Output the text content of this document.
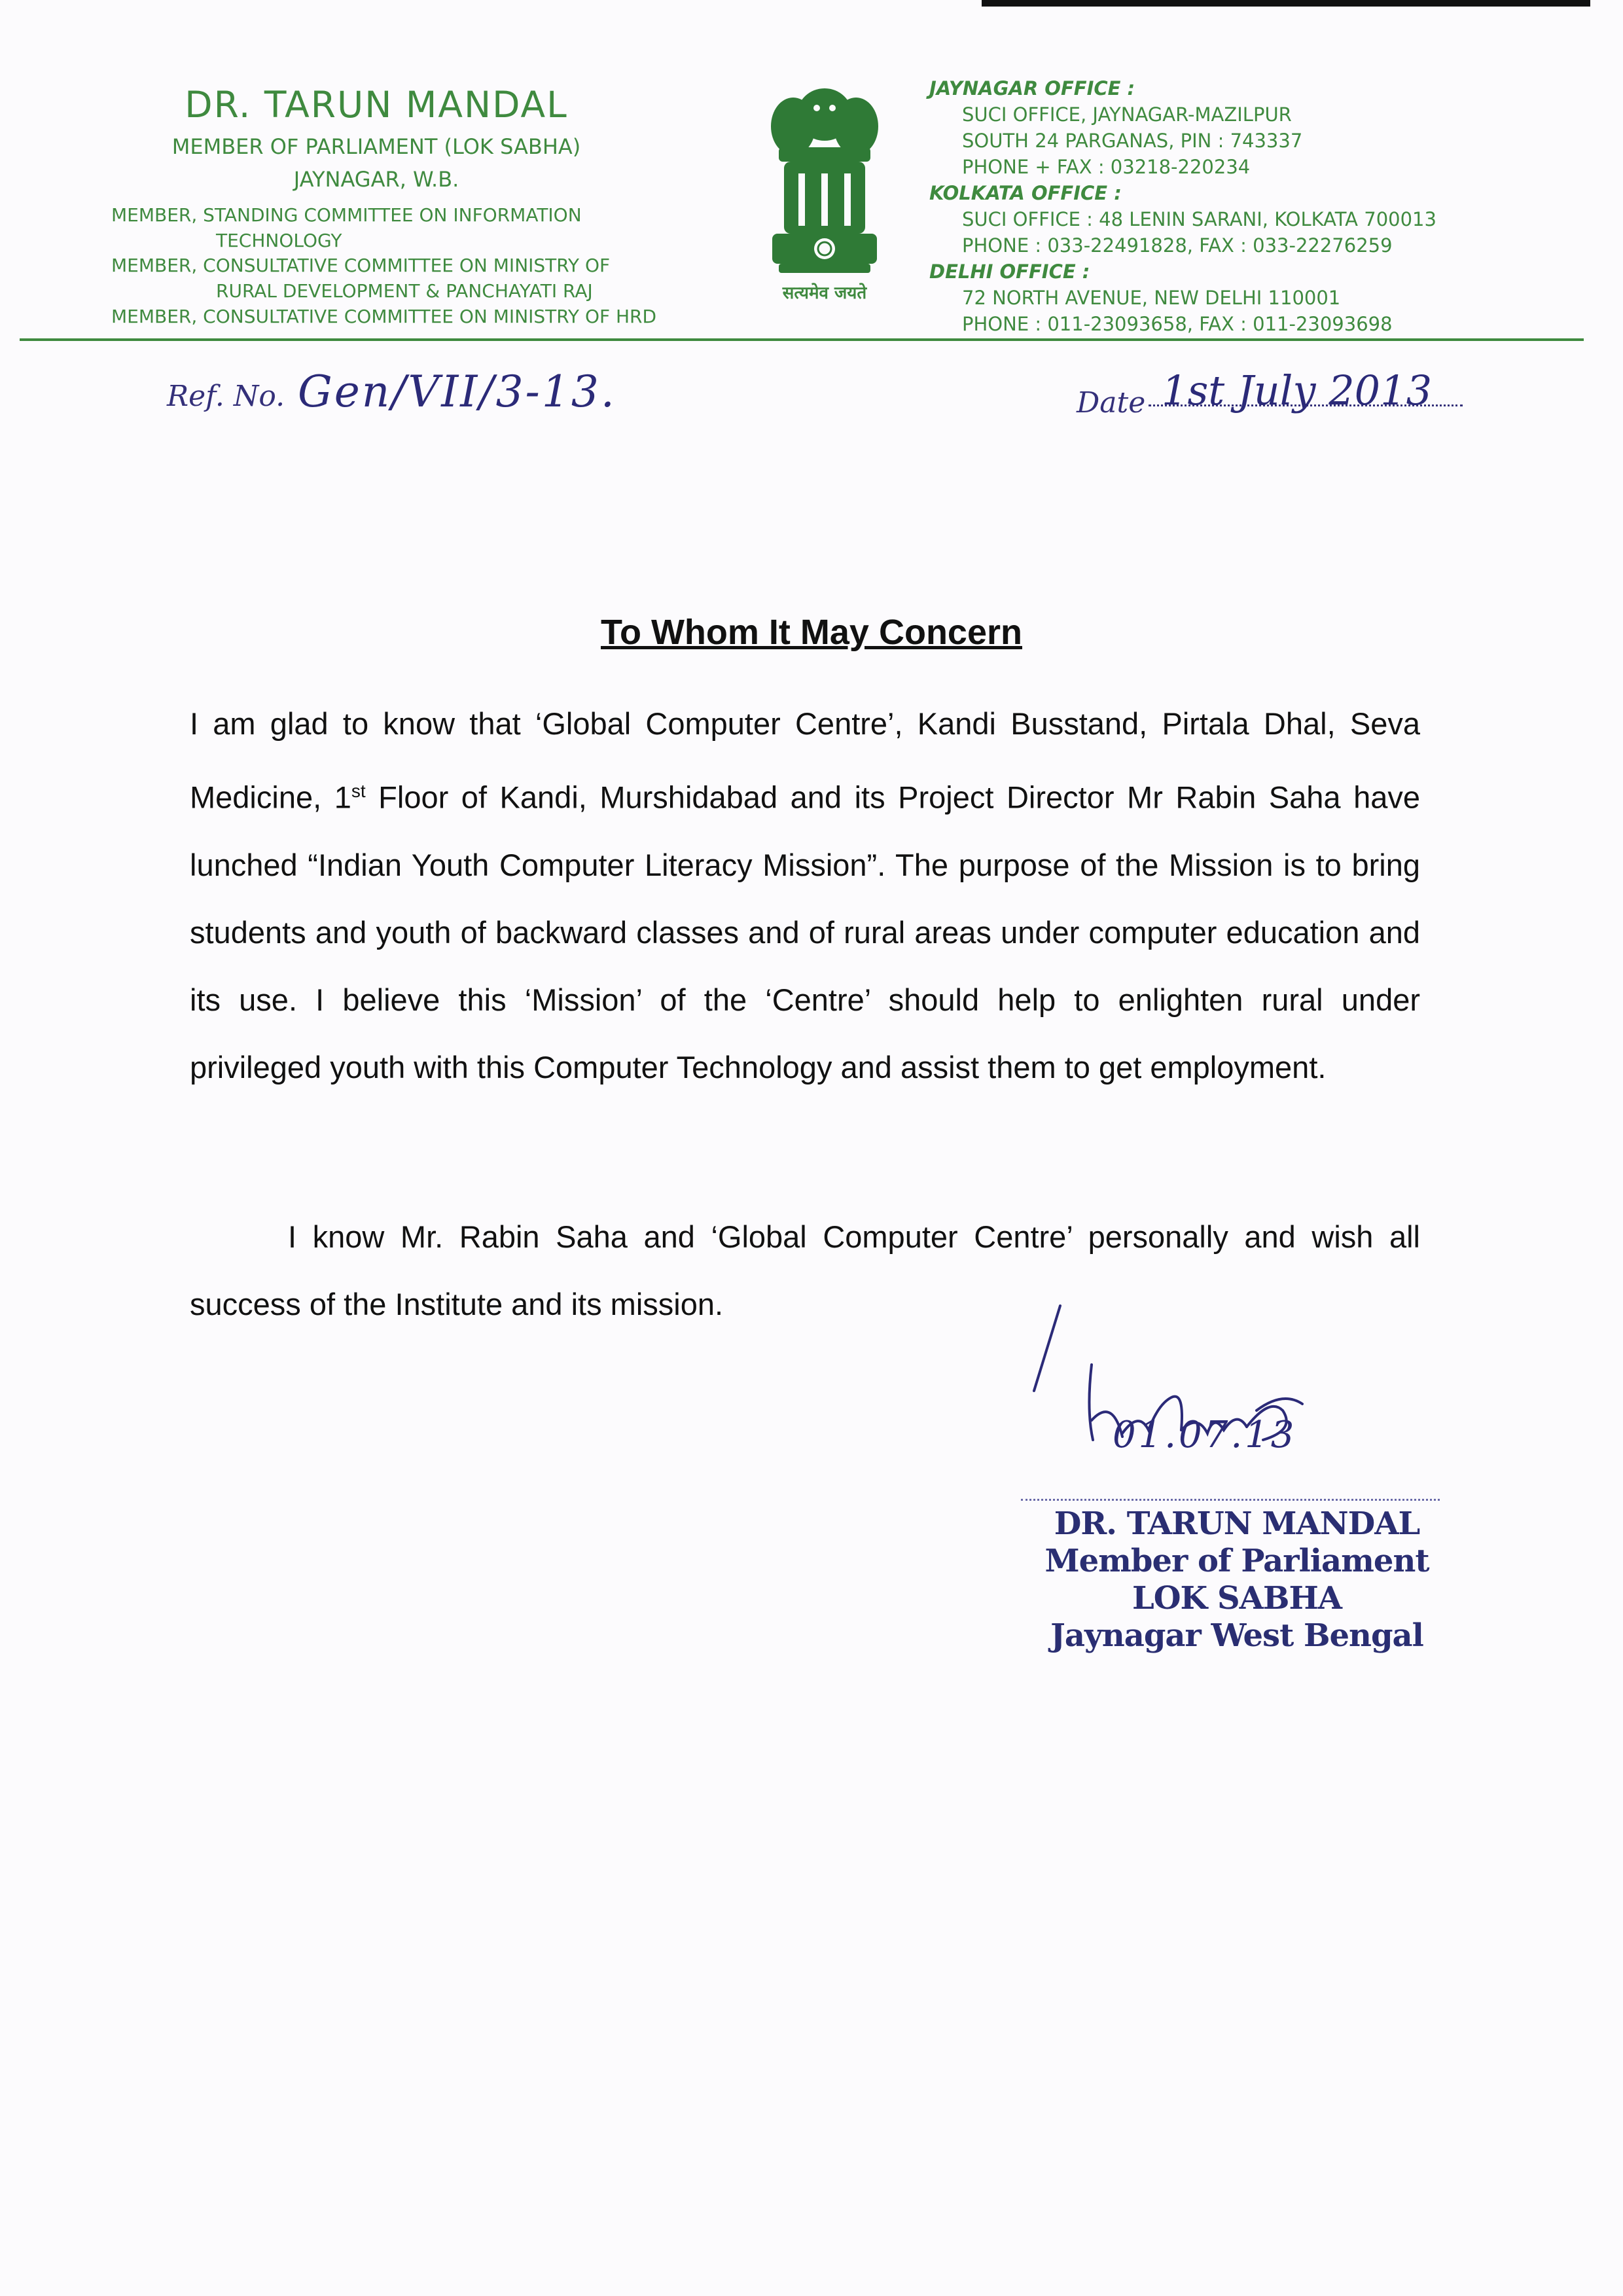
DR. TARUN MANDAL
MEMBER OF PARLIAMENT (LOK SABHA)
JAYNAGAR, W.B.
MEMBER, STANDING COMMITTEE ON INFORMATION
TECHNOLOGY
MEMBER, CONSULTATIVE COMMITTEE ON MINISTRY OF
RURAL DEVELOPMENT & PANCHAYATI RAJ
MEMBER, CONSULTATIVE COMMITTEE ON MINISTRY OF HRD
सत्यमेव जयते
JAYNAGAR OFFICE :
SUCI OFFICE, JAYNAGAR-MAZILPUR
SOUTH 24 PARGANAS, PIN : 743337
PHONE + FAX : 03218-220234
KOLKATA OFFICE :
SUCI OFFICE : 48 LENIN SARANI, KOLKATA 700013
PHONE : 033-22491828, FAX : 033-22276259
DELHI OFFICE :
72 NORTH AVENUE, NEW DELHI 110001
PHONE : 011-23093658, FAX : 011-23093698
Ref. No. Gen/VII/3-13.	Date 1st July 2013
To Whom It May Concern
I am glad to know that ‘Global Computer Centre’, Kandi Busstand, Pirtala Dhal, Seva Medicine, 1st Floor of Kandi, Murshidabad and its Project Director Mr Rabin Saha have lunched “Indian Youth Computer Literacy Mission”. The purpose of the Mission is to bring students and youth of backward classes and of rural areas under computer education and its use. I believe this ‘Mission’ of the ‘Centre’ should help to enlighten rural under privileged youth with this Computer Technology and assist them to get employment.
I know Mr. Rabin Saha and ‘Global Computer Centre’ personally and wish all success of the Institute and its mission.
01.07.13
DR. TARUN MANDAL
Member of Parliament
LOK SABHA
Jaynagar West Bengal
